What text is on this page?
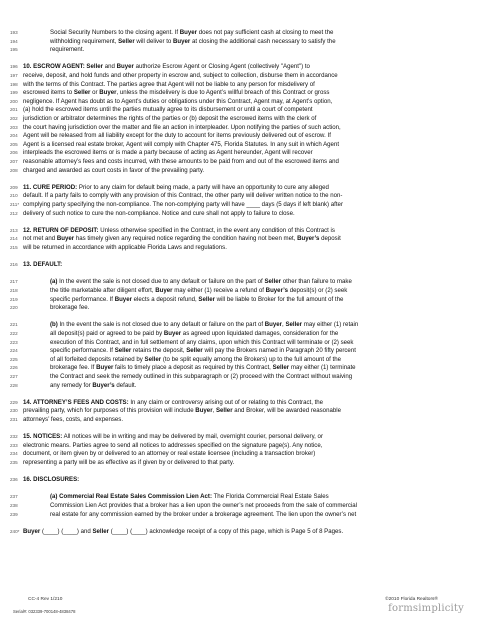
193	Social Security Numbers to the closing agent. If Buyer does not pay sufficient cash at closing to meet the
194	withholding requirement, Seller will deliver to Buyer at closing the additional cash necessary to satisfy the
195	requirement.
196 10. ESCROW AGENT: Seller and Buyer authorize Escrow Agent or Closing Agent (collectively "Agent") to
197 receive, deposit, and hold funds and other property in escrow and, subject to collection, disburse them in accordance
198 with the terms of this Contract. The parties agree that Agent will not be liable to any person for misdelivery of
199 escrowed items to Seller or Buyer, unless the misdelivery is due to Agent’s willful breach of this Contract or gross
200 negligence. If Agent has doubt as to Agent’s duties or obligations under this Contract, Agent may, at Agent’s option,
201 (a) hold the escrowed items until the parties mutually agree to its disbursement or until a court of competent
202 jurisdiction or arbitrator determines the rights of the parties or (b) deposit the escrowed items with the clerk of
203 the court having jurisdiction over the matter and file an action in interpleader. Upon notifying the parties of such action,
204 Agent will be released from all liability except for the duty to account for items previously delivered out of escrow. If
205 Agent is a licensed real estate broker, Agent will comply with Chapter 475, Florida Statutes. In any suit in which Agent
206 interpleads the escrowed items or is made a party because of acting as Agent hereunder, Agent will recover
207 reasonable attorney’s fees and costs incurred, with these amounts to be paid from and out of the escrowed items and
208 charged and awarded as court costs in favor of the prevailing party.
209 11. CURE PERIOD: Prior to any claim for default being made, a party will have an opportunity to cure any alleged
210 default. If a party fails to comply with any provision of this Contract, the other party will deliver written notice to the non-
211* complying party specifying the non-compliance. The non-complying party will have ____ days (5 days if left blank) after
212 delivery of such notice to cure the non-compliance. Notice and cure shall not apply to failure to close.
213 12. RETURN OF DEPOSIT: Unless otherwise specified in the Contract, in the event any condition of this Contract is
214 not met and Buyer has timely given any required notice regarding the condition having not been met, Buyer’s deposit
215 will be returned in accordance with applicable Florida Laws and regulations.
216 13. DEFAULT:
217	(a) In the event the sale is not closed due to any default or failure on the part of Seller other than failure to make
218	the title marketable after diligent effort, Buyer may either (1) receive a refund of Buyer’s deposit(s) or (2) seek
219	specific performance. If Buyer elects a deposit refund, Seller will be liable to Broker for the full amount of the
220	brokerage fee.
221	(b) In the event the sale is not closed due to any default or failure on the part of Buyer, Seller may either (1) retain
222	all deposit(s) paid or agreed to be paid by Buyer as agreed upon liquidated damages, consideration for the
223	execution of this Contract, and in full settlement of any claims, upon which this Contract will terminate or (2) seek
224	specific performance. If Seller retains the deposit, Seller will pay the Brokers named in Paragraph 20 fifty percent
225	of all forfeited deposits retained by Seller (to be split equally among the Brokers) up to the full amount of the
226	brokerage fee. If Buyer fails to timely place a deposit as required by this Contract, Seller may either (1) terminate
227	the Contract and seek the remedy outlined in this subparagraph or (2) proceed with the Contract without waiving
228	any remedy for Buyer’s default.
229 14. ATTORNEY’S FEES AND COSTS: In any claim or controversy arising out of or relating to this Contract, the
230 prevailing party, which for purposes of this provision will include Buyer, Seller and Broker, will be awarded reasonable
231 attorneys’ fees, costs, and expenses.
232 15. NOTICES: All notices will be in writing and may be delivered by mail, overnight courier, personal delivery, or
233 electronic means. Parties agree to send all notices to addresses specified on the signature page(s). Any notice,
234 document, or item given by or delivered to an attorney or real estate licensee (including a transaction broker)
235 representing a party will be as effective as if given by or delivered to that party.
236 16. DISCLOSURES:
237	(a) Commercial Real Estate Sales Commission Lien Act: The Florida Commercial Real Estate Sales
238	Commission Lien Act provides that a broker has a lien upon the owner’s net proceeds from the sale of commercial
239	real estate for any commission earned by the broker under a brokerage agreement. The lien upon the owner’s net
240* Buyer (____) (____) and Seller (____) (____) acknowledge receipt of a copy of this page, which is Page 5 of 8 Pages.
CC-4 Rev 1/210	©2010 Florida Realtors®
Serial#: 032339-700148-4838478	formsimplicity
